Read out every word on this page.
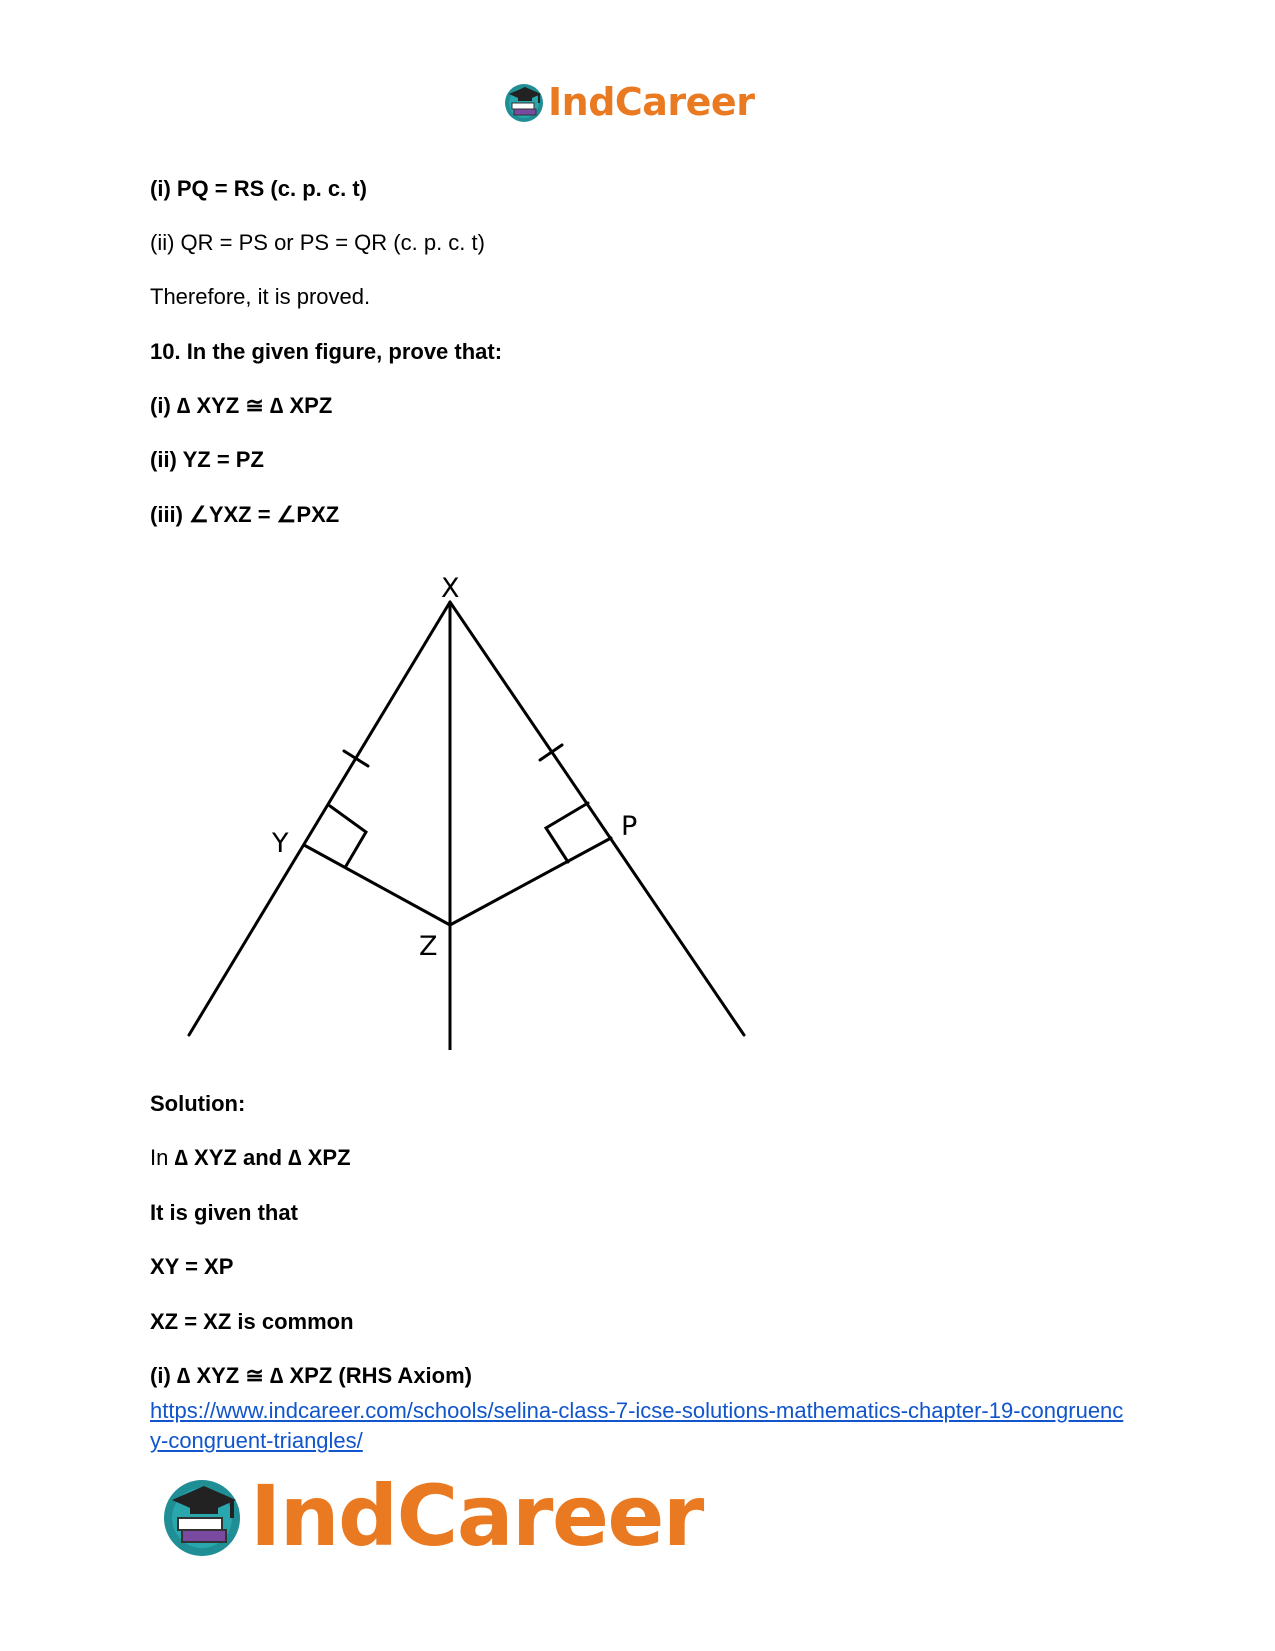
IndCareer
(i) PQ = RS (c. p. c. t)
(ii) QR = PS or PS = QR (c. p. c. t)
Therefore, it is proved.
10. In the given figure, prove that:
(i) ∆ XYZ ≅ ∆ XPZ
(ii) YZ = PZ
(iii) ∠YXZ = ∠PXZ
X
Y
P
Z
Solution:
In ∆ XYZ and ∆ XPZ
It is given that
XY = XP
XZ = XZ is common
(i) ∆ XYZ ≅ ∆ XPZ (RHS Axiom)
https://www.indcareer.com/schools/selina-class-7-icse-solutions-mathematics-chapter-19-congruency-congruent-triangles/
IndCareer
